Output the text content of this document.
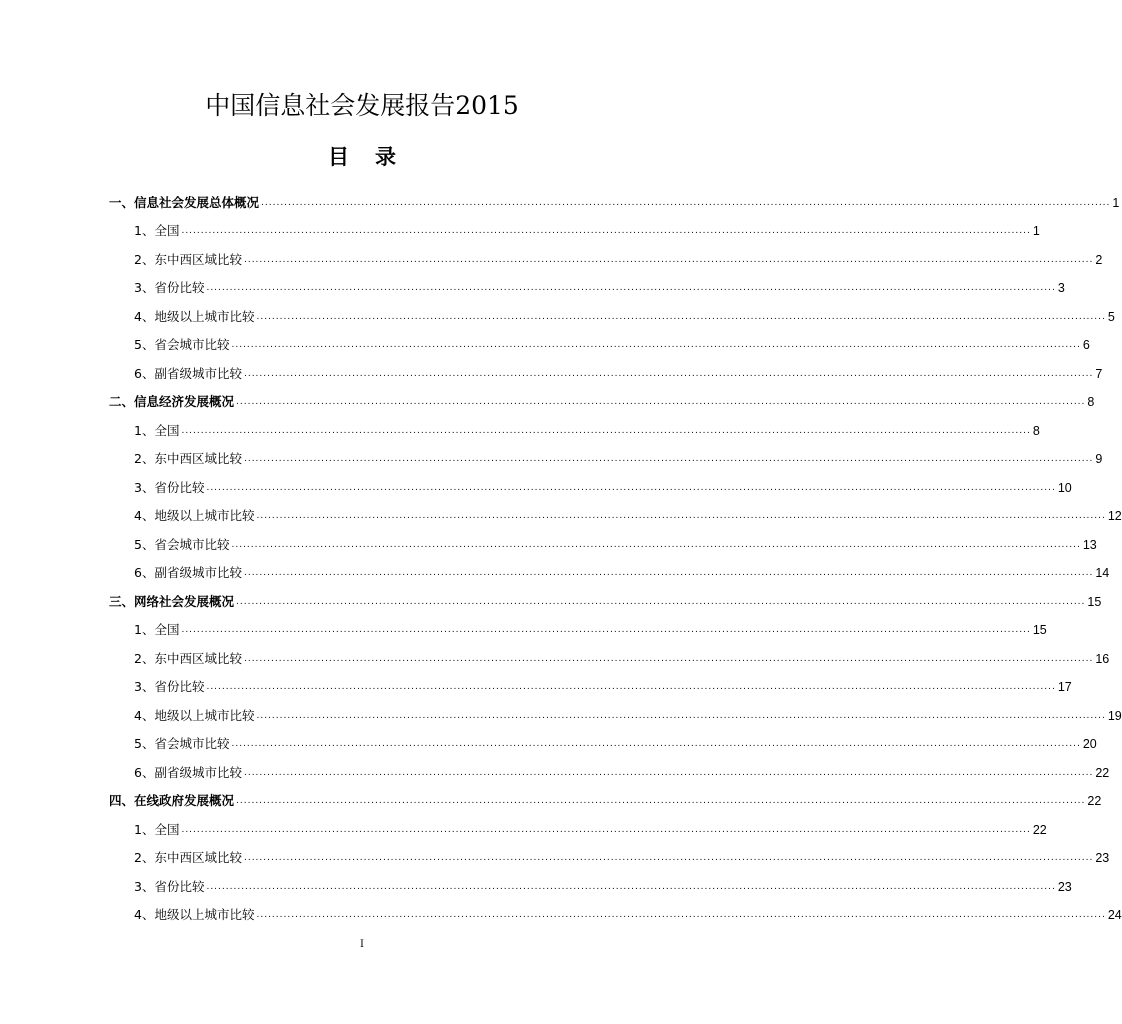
中国信息社会发展报告2015
目录
一、信息社会发展总体概况 ............................................................................................................................................................................................................................ 1
1、全国 ............................................................................................................................................................................................................................ 1
2、东中西区域比较 ............................................................................................................................................................................................................................ 2
3、省份比较 ............................................................................................................................................................................................................................ 3
4、地级以上城市比较 ............................................................................................................................................................................................................................ 5
5、省会城市比较 ............................................................................................................................................................................................................................ 6
6、副省级城市比较 ............................................................................................................................................................................................................................ 7
二、信息经济发展概况 ............................................................................................................................................................................................................................ 8
1、全国 ............................................................................................................................................................................................................................ 8
2、东中西区域比较 ............................................................................................................................................................................................................................ 9
3、省份比较 ............................................................................................................................................................................................................................ 10
4、地级以上城市比较 ............................................................................................................................................................................................................................ 12
5、省会城市比较 ............................................................................................................................................................................................................................ 13
6、副省级城市比较 ............................................................................................................................................................................................................................ 14
三、网络社会发展概况 ............................................................................................................................................................................................................................ 15
1、全国 ............................................................................................................................................................................................................................ 15
2、东中西区域比较 ............................................................................................................................................................................................................................ 16
3、省份比较 ............................................................................................................................................................................................................................ 17
4、地级以上城市比较 ............................................................................................................................................................................................................................ 19
5、省会城市比较 ............................................................................................................................................................................................................................ 20
6、副省级城市比较 ............................................................................................................................................................................................................................ 22
四、在线政府发展概况 ............................................................................................................................................................................................................................ 22
1、全国 ............................................................................................................................................................................................................................ 22
2、东中西区域比较 ............................................................................................................................................................................................................................ 23
3、省份比较 ............................................................................................................................................................................................................................ 23
4、地级以上城市比较 ............................................................................................................................................................................................................................ 24
I
